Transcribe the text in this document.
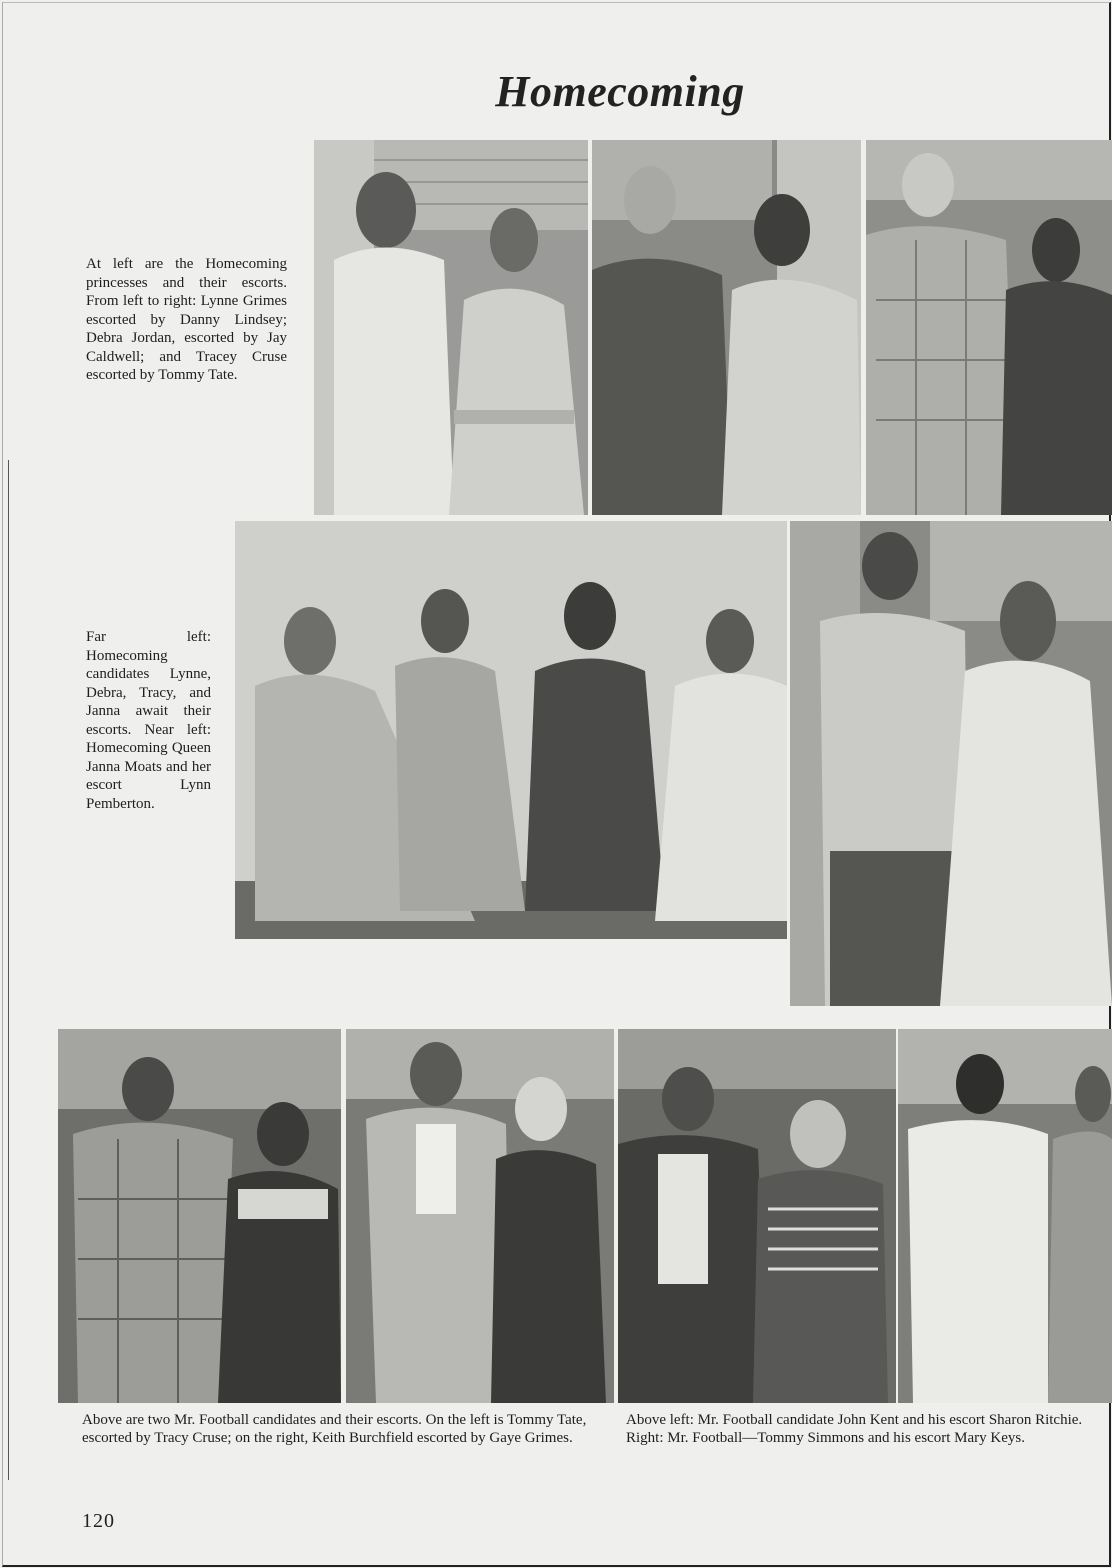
Homecoming
At left are the Homecoming princesses and their escorts. From left to right: Lynne Grimes escorted by Danny Lindsey; Debra Jordan, escorted by Jay Caldwell; and Tracey Cruse escorted by Tommy Tate.
Far left: Homecoming candidates Lynne, Debra, Tracy, and Janna await their escorts. Near left: Homecoming Queen Janna Moats and her escort Lynn Pemberton.
Above are two Mr. Football candidates and their escorts. On the left is Tommy Tate, escorted by Tracy Cruse; on the right, Keith Burchfield escorted by Gaye Grimes.
Above left: Mr. Football candidate John Kent and his escort Sharon Ritchie. Right: Mr. Football—Tommy Simmons and his escort Mary Keys.
120
